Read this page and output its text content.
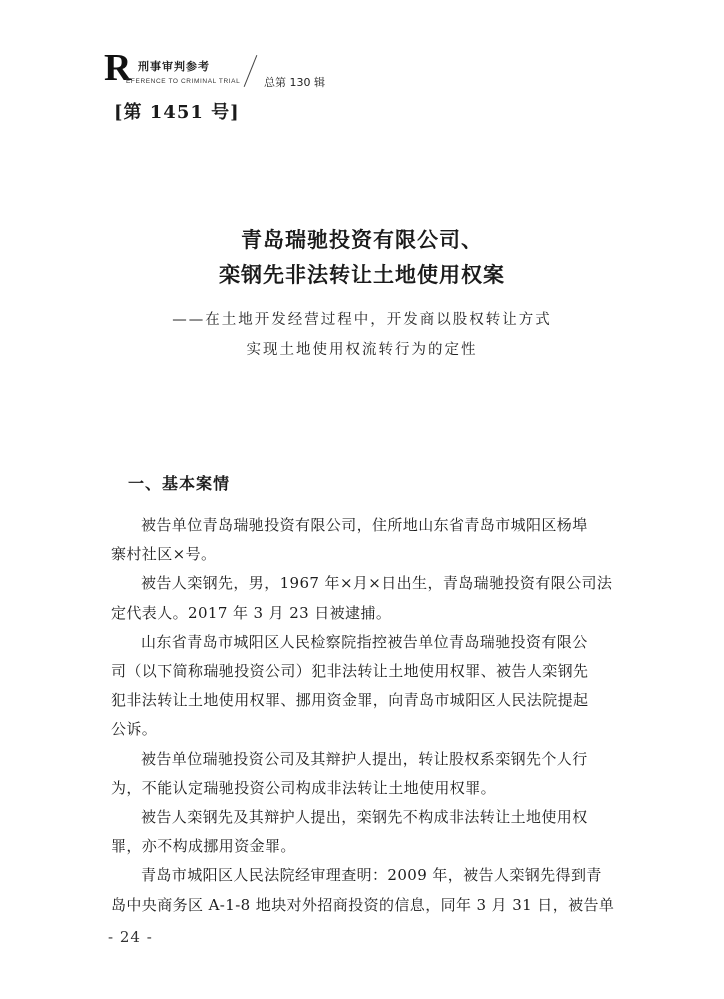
R 刑事审判参考
EFERENCE TO CRIMINAL TRIAL 总第 130 辑
[第 1451 号]
青岛瑞驰投资有限公司、
栾钢先非法转让土地使用权案
——在土地开发经营过程中，开发商以股权转让方式
实现土地使用权流转行为的定性
一、基本案情
被告单位青岛瑞驰投资有限公司，住所地山东省青岛市城阳区杨埠
寨村社区×号。
被告人栾钢先，男，1967 年×月×日出生，青岛瑞驰投资有限公司法
定代表人。2017 年 3 月 23 日被逮捕。
山东省青岛市城阳区人民检察院指控被告单位青岛瑞驰投资有限公
司（以下简称瑞驰投资公司）犯非法转让土地使用权罪、被告人栾钢先
犯非法转让土地使用权罪、挪用资金罪，向青岛市城阳区人民法院提起
公诉。
被告单位瑞驰投资公司及其辩护人提出，转让股权系栾钢先个人行
为，不能认定瑞驰投资公司构成非法转让土地使用权罪。
被告人栾钢先及其辩护人提出，栾钢先不构成非法转让土地使用权
罪，亦不构成挪用资金罪。
青岛市城阳区人民法院经审理查明：2009 年，被告人栾钢先得到青
岛中央商务区 A-1-8 地块对外招商投资的信息，同年 3 月 31 日，被告单
- 24 -
